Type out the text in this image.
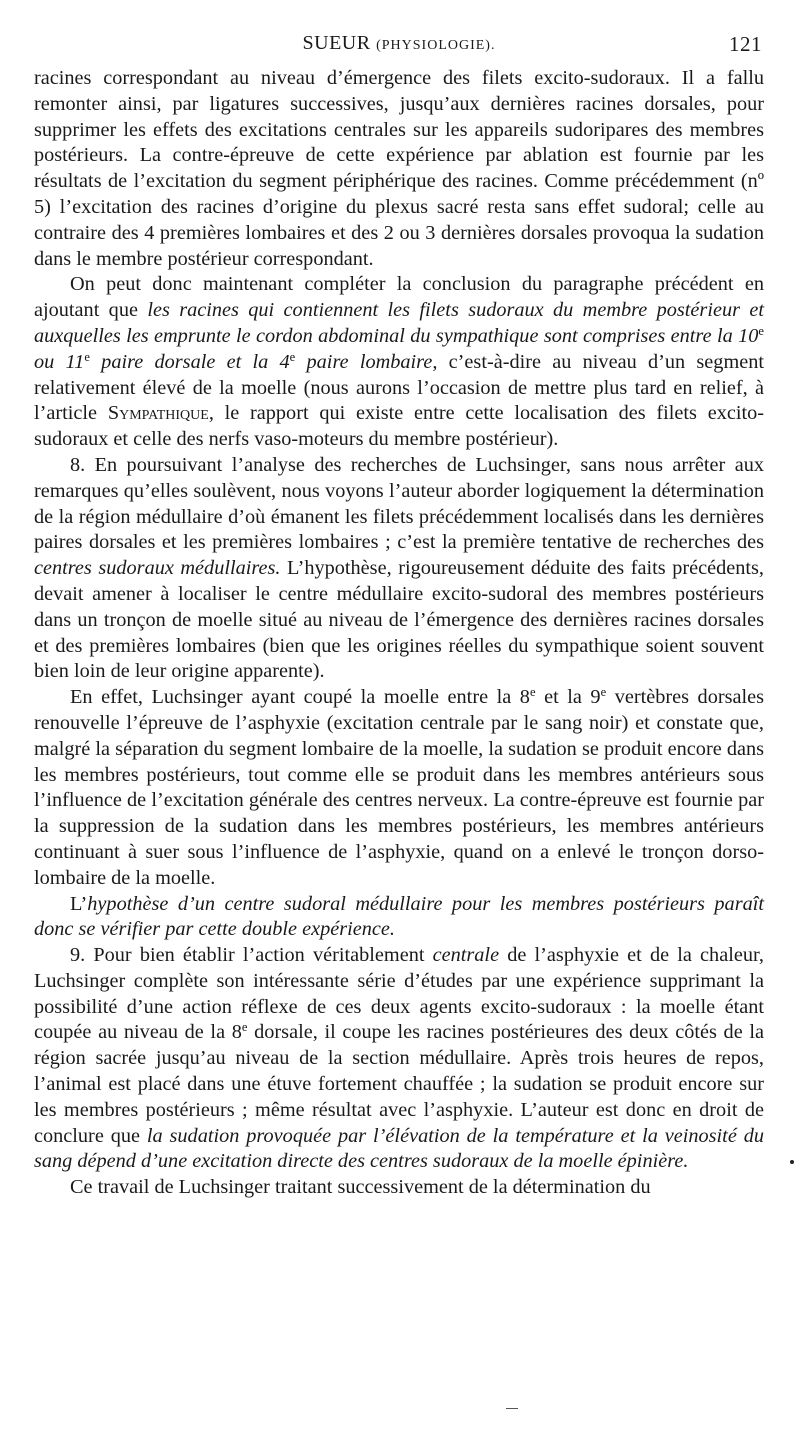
SUEUR (PHYSIOLOGIE).	121

racines correspondant au niveau d’émergence des filets excito-sudoraux. Il a fallu remonter ainsi, par ligatures successives, jusqu’aux dernières racines dorsales, pour supprimer les effets des excitations centrales sur les appareils sudoripares des membres postérieurs. La contre-épreuve de cette expérience par ablation est fournie par les résultats de l’excitation du segment périphérique des racines. Comme précédemment (nº 5) l’excitation des racines d’origine du plexus sacré resta sans effet sudoral; celle au contraire des 4 premières lombaires et des 2 ou 3 dernières dorsales provoqua la sudation dans le membre postérieur correspondant.

On peut donc maintenant compléter la conclusion du paragraphe précédent en ajoutant que les racines qui contiennent les filets sudoraux du membre postérieur et auxquelles les emprunte le cordon abdominal du sympathique sont comprises entre la 10e ou 11e paire dorsale et la 4e paire lombaire, c’est-à-dire au niveau d’un segment relativement élevé de la moelle (nous aurons l’occasion de mettre plus tard en relief, à l’article Sympathique, le rapport qui existe entre cette localisation des filets excito-sudoraux et celle des nerfs vaso-moteurs du membre postérieur).

8. En poursuivant l’analyse des recherches de Luchsinger, sans nous arrêter aux remarques qu’elles soulèvent, nous voyons l’auteur aborder logiquement la détermination de la région médullaire d’où émanent les filets précédemment localisés dans les dernières paires dorsales et les premières lombaires ; c’est la première tentative de recherches des centres sudoraux médullaires. L’hypothèse, rigoureusement déduite des faits précédents, devait amener à localiser le centre médullaire excito-sudoral des membres postérieurs dans un tronçon de moelle situé au niveau de l’émergence des dernières racines dorsales et des premières lombaires (bien que les origines réelles du sympathique soient souvent bien loin de leur origine apparente).

En effet, Luchsinger ayant coupé la moelle entre la 8e et la 9e vertèbres dorsales renouvelle l’épreuve de l’asphyxie (excitation centrale par le sang noir) et constate que, malgré la séparation du segment lombaire de la moelle, la sudation se produit encore dans les membres postérieurs, tout comme elle se produit dans les membres antérieurs sous l’influence de l’excitation générale des centres nerveux. La contre-épreuve est fournie par la suppression de la sudation dans les membres postérieurs, les membres antérieurs continuant à suer sous l’influence de l’asphyxie, quand on a enlevé le tronçon dorso-lombaire de la moelle.

L’hypothèse d’un centre sudoral médullaire pour les membres postérieurs paraît donc se vérifier par cette double expérience.

9. Pour bien établir l’action véritablement centrale de l’asphyxie et de la chaleur, Luchsinger complète son intéressante série d’études par une expérience supprimant la possibilité d’une action réflexe de ces deux agents excito-sudoraux : la moelle étant coupée au niveau de la 8e dorsale, il coupe les racines postérieures des deux côtés de la région sacrée jusqu’au niveau de la section médullaire. Après trois heures de repos, l’animal est placé dans une étuve fortement chauffée ; la sudation se produit encore sur les membres postérieurs ; même résultat avec l’asphyxie. L’auteur est donc en droit de conclure que la sudation provoquée par l’élévation de la température et la veinosité du sang dépend d’une excitation directe des centres sudoraux de la moelle épinière.

Ce travail de Luchsinger traitant successivement de la détermination du
